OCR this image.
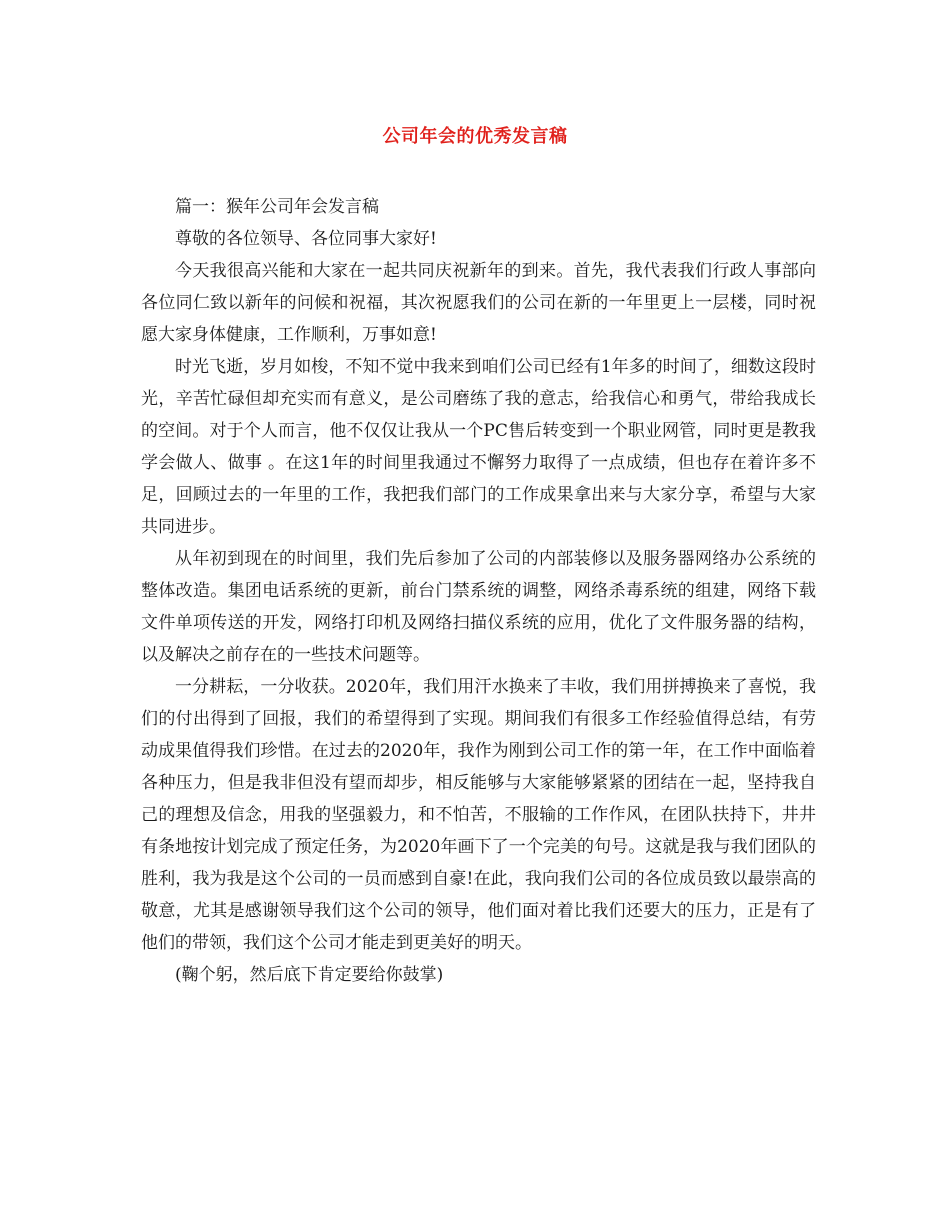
公司年会的优秀发言稿

篇一：猴年公司年会发言稿

尊敬的各位领导、各位同事大家好!

今天我很高兴能和大家在一起共同庆祝新年的到来。首先，我代表我们行政人事部向各位同仁致以新年的问候和祝福，其次祝愿我们的公司在新的一年里更上一层楼，同时祝愿大家身体健康，工作顺利，万事如意!

时光飞逝，岁月如梭，不知不觉中我来到咱们公司已经有1年多的时间了，细数这段时光，辛苦忙碌但却充实而有意义，是公司磨练了我的意志，给我信心和勇气，带给我成长的空间。对于个人而言，他不仅仅让我从一个PC售后转变到一个职业网管，同时更是教我学会做人、做事 。在这1年的时间里我通过不懈努力取得了一点成绩，但也存在着许多不足，回顾过去的一年里的工作，我把我们部门的工作成果拿出来与大家分享，希望与大家共同进步。

从年初到现在的时间里，我们先后参加了公司的内部装修以及服务器网络办公系统的整体改造。集团电话系统的更新，前台门禁系统的调整，网络杀毒系统的组建，网络下载文件单项传送的开发，网络打印机及网络扫描仪系统的应用，优化了文件服务器的结构，以及解决之前存在的一些技术问题等。

一分耕耘，一分收获。2020年，我们用汗水换来了丰收，我们用拼搏换来了喜悦，我们的付出得到了回报，我们的希望得到了实现。期间我们有很多工作经验值得总结，有劳动成果值得我们珍惜。在过去的2020年，我作为刚到公司工作的第一年，在工作中面临着各种压力，但是我非但没有望而却步，相反能够与大家能够紧紧的团结在一起，坚持我自己的理想及信念，用我的坚强毅力，和不怕苦，不服输的工作作风，在团队扶持下，井井有条地按计划完成了预定任务，为2020年画下了一个完美的句号。这就是我与我们团队的胜利，我为我是这个公司的一员而感到自豪!在此，我向我们公司的各位成员致以最崇高的敬意，尤其是感谢领导我们这个公司的领导，他们面对着比我们还要大的压力，正是有了他们的带领，我们这个公司才能走到更美好的明天。

(鞠个躬，然后底下肯定要给你鼓掌)
